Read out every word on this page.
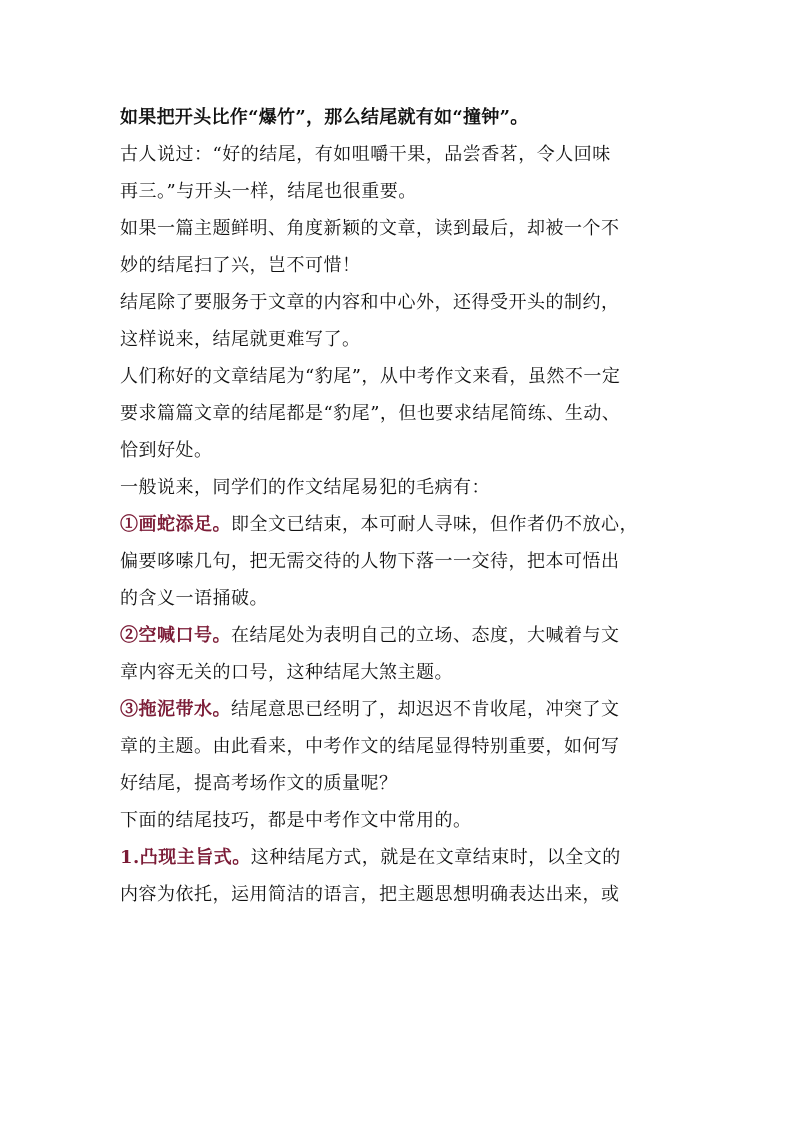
如果把开头比作“爆竹”，那么结尾就有如“撞钟”。
古人说过：“好的结尾，有如咀嚼干果，品尝香茗，令人回味
再三。”与开头一样，结尾也很重要。
如果一篇主题鲜明、角度新颖的文章，读到最后，却被一个不
妙的结尾扫了兴，岂不可惜！
结尾除了要服务于文章的内容和中心外，还得受开头的制约，
这样说来，结尾就更难写了。
人们称好的文章结尾为“豹尾”，从中考作文来看，虽然不一定
要求篇篇文章的结尾都是“豹尾”，但也要求结尾简练、生动、
恰到好处。
一般说来，同学们的作文结尾易犯的毛病有：
①画蛇添足。即全文已结束，本可耐人寻味，但作者仍不放心，
偏要哆嗦几句，把无需交待的人物下落一一交待，把本可悟出
的含义一语捅破。
②空喊口号。在结尾处为表明自己的立场、态度，大喊着与文
章内容无关的口号，这种结尾大煞主题。
③拖泥带水。结尾意思已经明了，却迟迟不肯收尾，冲突了文
章的主题。由此看来，中考作文的结尾显得特别重要，如何写
好结尾，提高考场作文的质量呢？
下面的结尾技巧，都是中考作文中常用的。
1.凸现主旨式。这种结尾方式，就是在文章结束时，以全文的
内容为依托，运用简洁的语言，把主题思想明确表达出来，或
